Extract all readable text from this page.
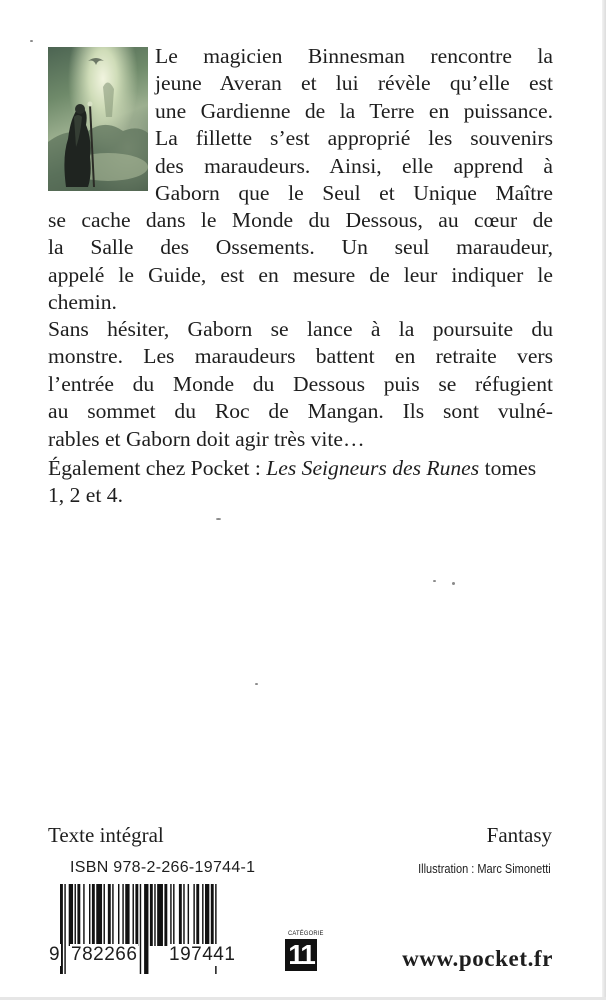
Le magicien Binnesman rencontre la
jeune Averan et lui révèle qu’elle est
une Gardienne de la Terre en puissance.
La fillette s’est approprié les souvenirs
des maraudeurs. Ainsi, elle apprend à
Gaborn que le Seul et Unique Maître

se cache dans le Monde du Dessous, au cœur de
la Salle des Ossements. Un seul maraudeur,
appelé le Guide, est en mesure de leur indiquer le
chemin.

Sans hésiter, Gaborn se lance à la poursuite du
monstre. Les maraudeurs battent en retraite vers
l’entrée du Monde du Dessous puis se réfugient
au sommet du Roc de Mangan. Ils sont vulné-
rables et Gaborn doit agir très vite…

Également chez Pocket : Les Seigneurs des Runes tomes
1, 2 et 4.

Texte intégral	Fantasy

ISBN 978-2-266-19744-1	Illustration : Marc Simonetti

9 782266 197441

CATÉGORIE

11	www.pocket.fr
